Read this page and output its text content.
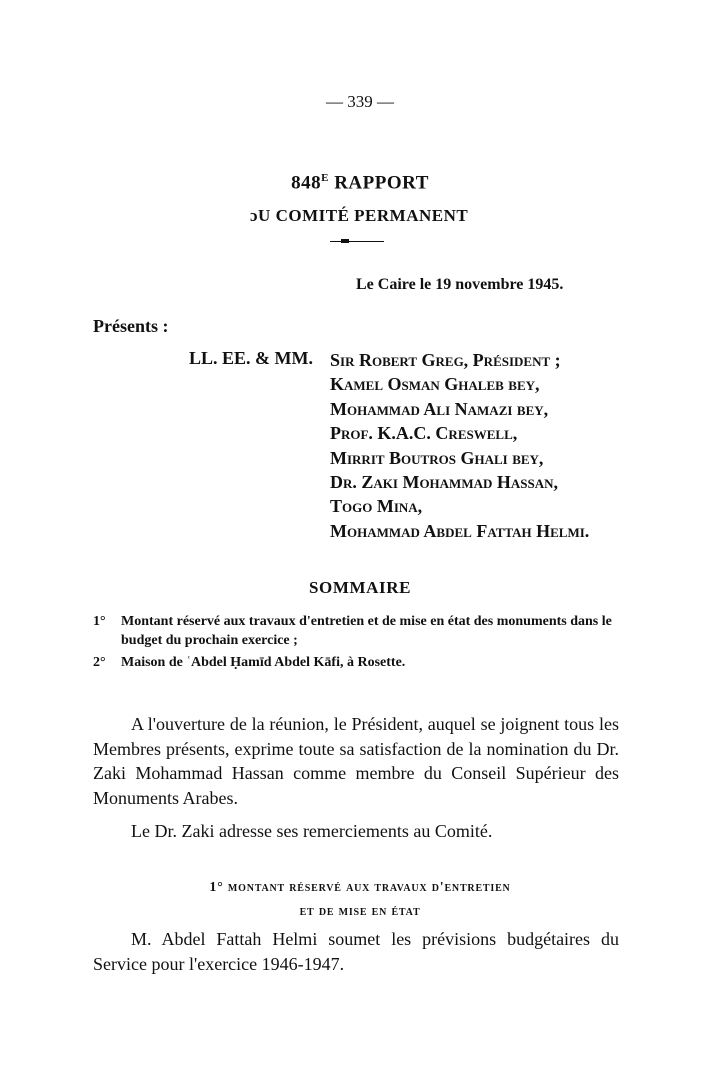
— 339 —
$848^E$ RAPPORT
ɔU COMITÉ PERMANENT
Le Caire le 19 novembre 1945.
Présents :
LL. EE. & MM. Sir Robert Greg, Président ;
Kamel Osman Ghaleb bey,
Mohammad Ali Namazi bey,
Prof. K.A.C. Creswell,
Mirrit Boutros Ghali bey,
Dr. Zaki Mohammad Hassan,
Togo Mina,
Mohammad Abdel Fattah Helmi.
SOMMAIRE
1° Montant réservé aux travaux d'entretien et de mise en état des monuments dans le budget du prochain exercice ;
2° Maison de ʿAbdel Ḥamīd Abdel Kāfi, à Rosette.

A l'ouverture de la réunion, le Président, auquel se joignent tous les Membres présents, exprime toute sa satisfaction de la nomination du Dr. Zaki Mohammad Hassan comme membre du Conseil Supérieur des Monuments Arabes.

Le Dr. Zaki adresse ses remerciements au Comité.

1° montant réservé aux travaux d'entretien
et de mise en état

M. Abdel Fattah Helmi soumet les prévisions budgétaires du Service pour l'exercice 1946-1947.
